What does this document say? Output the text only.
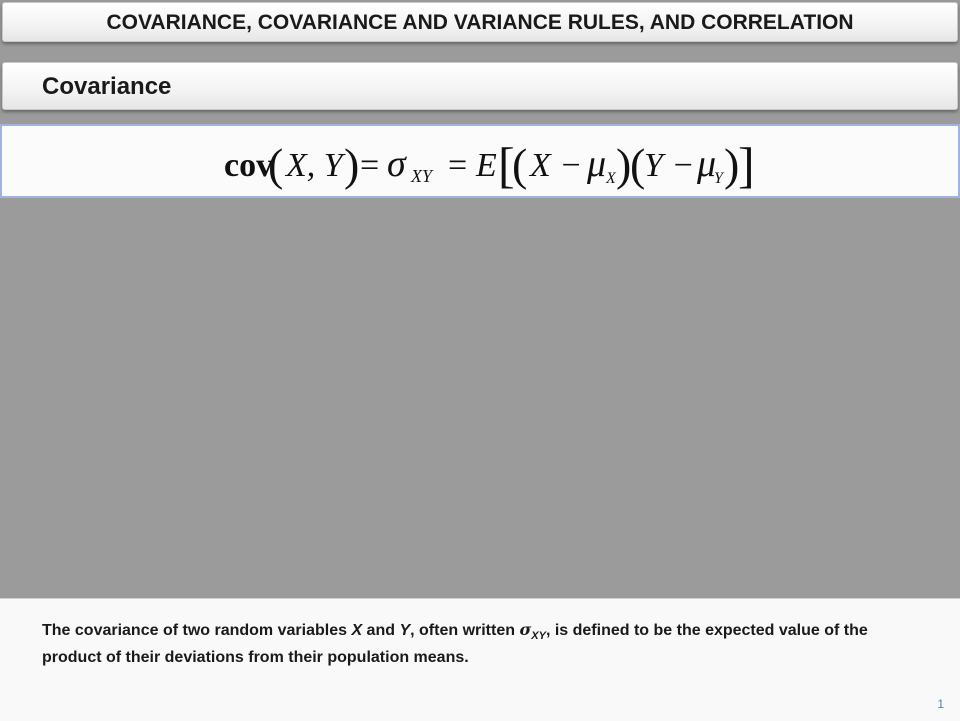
COVARIANCE, COVARIANCE AND VARIANCE RULES, AND CORRELATION
Covariance
cov
( X, Y ) = σ XY = E [
( X − μ X )
(
Y − μ
Y )
]
The covariance of two random variables X and Y, often written $\sigma_{XY}$, is defined to be the expected value of the product of their deviations from their population means.
1
